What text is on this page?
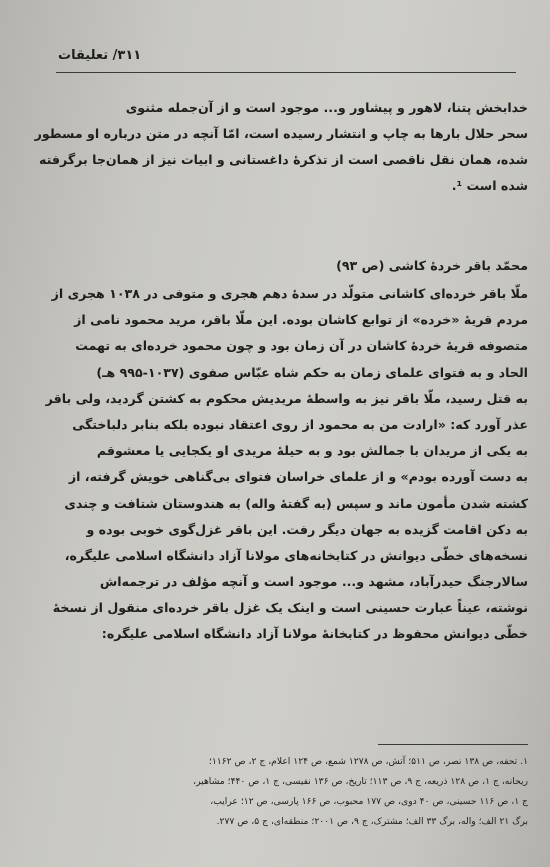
۳۱۱/ تعلیقات
خدابخش پتنا، لاهور و پیشاور و... موجود است و از آن‌جمله مثنوی
سحر حلال بارها به چاپ و انتشار رسیده است، امّا آنچه در متن درباره او مسطور
شده، همان نقل ناقصی است از تذکرهٔ داغستانی و ابیات نیز از همان‌جا برگرفته
شده است ¹.
محمّد باقر خردهٔ کاشی (ص ۹۳)
ملّا باقر خرده‌ای کاشانی متولّد در سدهٔ دهم هجری و متوفی در ۱۰۳۸ هجری از
مردم قریهٔ «خرده» از توابع کاشان بوده. این ملّا باقر، مرید محمود نامی از
متصوفه قریهٔ خردهٔ کاشان در آن زمان بود و چون محمود خرده‌ای به تهمت
الحاد و به فتوای علمای زمان به حکم شاه عبّاس صفوی (۱۰۳۷-۹۹۵ هـ)
به قتل رسید، ملّا باقر نیز به واسطهٔ مریدیش محکوم به کشتن گردید، ولی باقر
عذر آورد که: «ارادت من به محمود از روی اعتقاد نبوده بلکه بنابر دلباختگی
به یکی از مریدان با جمالش بود و به حیلهٔ مریدی او یکجایی یا معشوقم
به دست آورده بودم» و از علمای خراسان فتوای بی‌گناهی خویش گرفته، از
کشته شدن مأمون ماند و سپس (به گفتهٔ واله) به هندوستان شتافت و چندی
به دکن اقامت گزیده به جهان دیگر رفت. این باقر غزل‌گوی خوبی بوده و
نسخه‌های خطّی دیوانش در کتابخانه‌های مولانا آزاد دانشگاه اسلامی علیگره،
سالارجنگ حیدرآباد، مشهد و... موجود است و آنچه مؤلف در ترجمه‌اش
نوشته، عیناً عبارت حسینی است و اینک یک غزل باقر خرده‌ای منقول از نسخهٔ
خطّی دیوانش محفوظ در کتابخانهٔ مولانا آزاد دانشگاه اسلامی علیگره:
۱. تحفه، ص ۱۳۸ نصر، ص ۵۱۱؛ آتش، ص ۱۲۷۸ شمع، ص ۱۲۴ اعلام، ج ۲، ص ۱۱۶۲؛
ریحانه، ج ۱، ص ۱۲۸ ذریعه، ج ۹، ص ۱۱۳؛ تاریخ، ص ۱۳۶ نفیسی، ج ۱، ص ۴۴۰؛ مشاهیر،
ج ۱، ص ۱۱۶ حسینی، ص ۴۰ دوی، ص ۱۷۷ محبوب، ص ۱۶۶ پارسی، ص ۱۲؛ عرایب،
برگ ۲۱ الف؛ واله، برگ ۳۳ الف؛ مشترک، ج ۹، ص ۲۰۰۱؛ منطقه‌ای، ج ۵، ص ۲۷۷.
